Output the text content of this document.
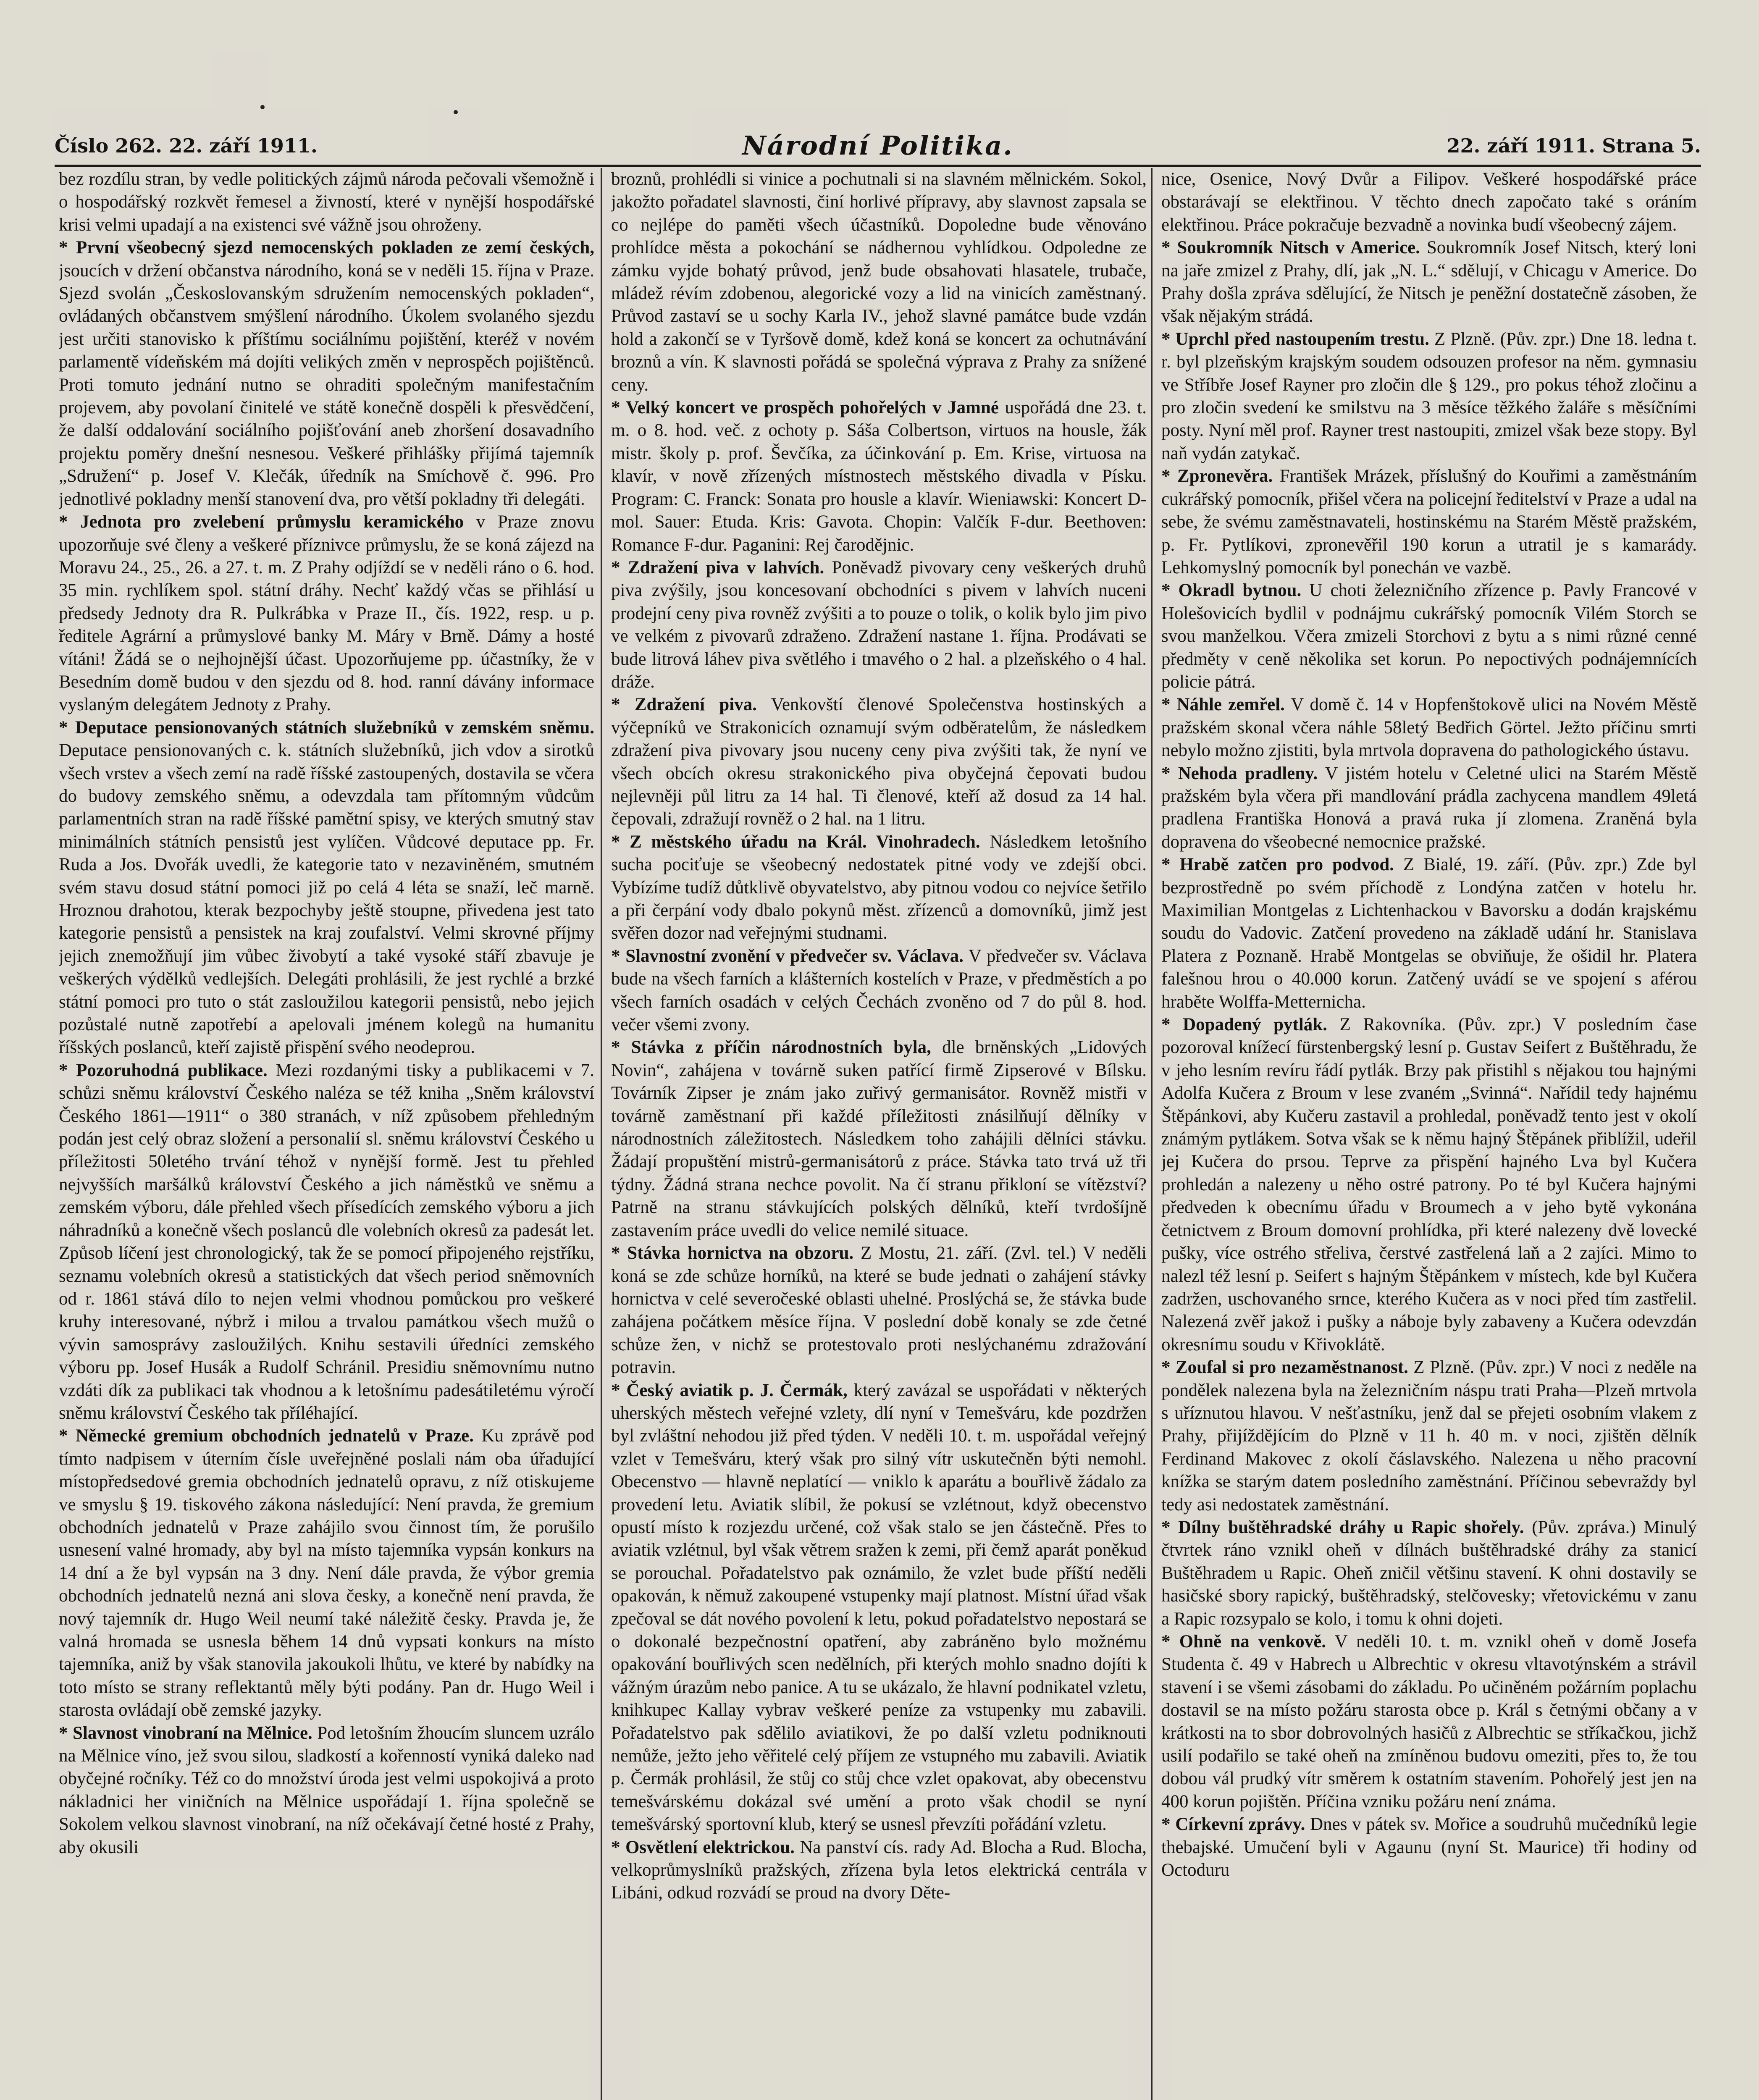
Číslo 262. 22. září 1911.	Národní Politika.	22. září 1911. Strana 5.

bez rozdílu stran, by vedle politických zájmů národa pečovali všemožně i o hospodářský rozkvět řemesel a živností, které v nynější hospodářské krisi velmi upadají a na existenci své vážně jsou ohroženy.

* První všeobecný sjezd nemocenských pokladen ze zemí českých, jsoucích v držení občanstva národního, koná se v neděli 15. října v Praze. Sjezd svolán „Českoslovanským sdružením nemocenských pokladen“, ovládaných občanstvem smýšlení národního. Úkolem svolaného sjezdu jest určiti stanovisko k příštímu sociálnímu pojištění, kteréž v novém parlamentě vídeňském má dojíti velikých změn v neprospěch pojištěnců. Proti tomuto jednání nutno se ohraditi společným manifestačním projevem, aby povolaní činitelé ve státě konečně dospěli k přesvědčení, že další oddalování sociálního pojišťování aneb zhoršení dosavadního projektu poměry dnešní nesnesou. Veškeré přihlášky přijímá tajemník „Sdružení“ p. Josef V. Klečák, úředník na Smíchově č. 996. Pro jednotlivé pokladny menší stanovení dva, pro větší pokladny tři delegáti.

* Jednota pro zvelebení průmyslu keramického v Praze znovu upozorňuje své členy a veškeré příznivce průmyslu, že se koná zájezd na Moravu 24., 25., 26. a 27. t. m. Z Prahy odjíždí se v neděli ráno o 6. hod. 35 min. rychlíkem spol. státní dráhy. Nechť každý včas se přihlásí u předsedy Jednoty dra R. Pulkrábka v Praze II., čís. 1922, resp. u p. ředitele Agrární a průmyslové banky M. Máry v Brně. Dámy a hosté vítáni! Žádá se o nejhojnější účast. Upozorňujeme pp. účastníky, že v Besedním domě budou v den sjezdu od 8. hod. ranní dávány informace vyslaným delegátem Jednoty z Prahy.

* Deputace pensionovaných státních služebníků v zemském sněmu. Deputace pensionovaných c. k. státních služebníků, jich vdov a sirotků všech vrstev a všech zemí na radě říšské zastoupených, dostavila se včera do budovy zemského sněmu, a odevzdala tam přítomným vůdcům parlamentních stran na radě říšské pamětní spisy, ve kterých smutný stav minimálních státních pensistů jest vylíčen. Vůdcové deputace pp. Fr. Ruda a Jos. Dvořák uvedli, že kategorie tato v nezaviněném, smutném svém stavu dosud státní pomoci již po celá 4 léta se snaží, leč marně. Hroznou drahotou, kterak bezpochyby ještě stoupne, přivedena jest tato kategorie pensistů a pensistek na kraj zoufalství. Velmi skrovné příjmy jejich znemožňují jim vůbec živobytí a také vysoké stáří zbavuje je veškerých výdělků vedlejších. Delegáti prohlásili, že jest rychlé a brzké státní pomoci pro tuto o stát zasloužilou kategorii pensistů, nebo jejich pozůstalé nutně zapotřebí a apelovali jménem kolegů na humanitu říšských poslanců, kteří zajistě přispění svého neodeprou.

* Pozoruhodná publikace. Mezi rozdanými tisky a publikacemi v 7. schůzi sněmu království Českého naléza se též kniha „Sněm království Českého 1861—1911“ o 380 stranách, v níž způsobem přehledným podán jest celý obraz složení a personalií sl. sněmu království Českého u příležitosti 50letého trvání téhož v nynější formě. Jest tu přehled nejvyšších maršálků království Českého a jich náměstků ve sněmu a zemském výboru, dále přehled všech přísedících zemského výboru a jich náhradníků a konečně všech poslanců dle volebních okresů za padesát let. Způsob líčení jest chronologický, tak že se pomocí připojeného rejstříku, seznamu volebních okresů a statistických dat všech period sněmovních od r. 1861 stává dílo to nejen velmi vhodnou pomůckou pro veškeré kruhy interesované, nýbrž i milou a trvalou památkou všech mužů o vývin samosprávy zasloužilých. Knihu sestavili úředníci zemského výboru pp. Josef Husák a Rudolf Schránil. Presidiu sněmovnímu nutno vzdáti dík za publikaci tak vhodnou a k letošnímu padesátiletému výročí sněmu království Českého tak příléhající.

* Německé gremium obchodních jednatelů v Praze. Ku zprávě pod tímto nadpisem v úterním čísle uveřejněné poslali nám oba úřadující místopředsedové gremia obchodních jednatelů opravu, z níž otiskujeme ve smyslu § 19. tiskového zákona následující: Není pravda, že gremium obchodních jednatelů v Praze zahájilo svou činnost tím, že porušilo usnesení valné hromady, aby byl na místo tajemníka vypsán konkurs na 14 dní a že byl vypsán na 3 dny. Není dále pravda, že výbor gremia obchodních jednatelů nezná ani slova česky, a konečně není pravda, že nový tajemník dr. Hugo Weil neumí také náležitě česky. Pravda je, že valná hromada se usnesla během 14 dnů vypsati konkurs na místo tajemníka, aniž by však stanovila jakoukoli lhůtu, ve které by nabídky na toto místo se strany reflektantů měly býti podány. Pan dr. Hugo Weil i starosta ovládají obě zemské jazyky.

* Slavnost vinobraní na Mělnice. Pod letošním žhoucím sluncem uzrálo na Mělnice víno, jež svou silou, sladkostí a kořenností vyniká daleko nad obyčejné ročníky. Též co do množství úroda jest velmi uspokojivá a proto nákladnici her viničních na Mělnice uspořádají 1. října společně se Sokolem velkou slavnost vinobraní, na níž očekávají četné hosté z Prahy, aby okusili

broznů, prohlédli si vinice a pochutnali si na slavném mělnickém. Sokol, jakožto pořadatel slavnosti, činí horlivé přípravy, aby slavnost zapsala se co nejlépe do paměti všech účastníků. Dopoledne bude věnováno prohlídce města a pokochání se nádhernou vyhlídkou. Odpoledne ze zámku vyjde bohatý průvod, jenž bude obsahovati hlasatele, trubače, mládež révím zdobenou, alegorické vozy a lid na vinicích zaměstnaný. Průvod zastaví se u sochy Karla IV., jehož slavné památce bude vzdán hold a zakončí se v Tyršově domě, kdež koná se koncert za ochutnávání broznů a vín. K slavnosti pořádá se společná výprava z Prahy za snížené ceny.

* Velký koncert ve prospěch pohořelých v Jamné uspořádá dne 23. t. m. o 8. hod. več. z ochoty p. Sáša Colbertson, virtuos na housle, žák mistr. školy p. prof. Ševčíka, za účinkování p. Em. Krise, virtuosa na klavír, v nově zřízených místnostech městského divadla v Písku. Program: C. Franck: Sonata pro housle a klavír. Wieniawski: Koncert D-mol. Sauer: Etuda. Kris: Gavota. Chopin: Valčík F-dur. Beethoven: Romance F-dur. Paganini: Rej čarodějnic.

* Zdražení piva v lahvích. Poněvadž pivovary ceny veškerých druhů piva zvýšily, jsou koncesovaní obchodníci s pivem v lahvích nuceni prodejní ceny piva rovněž zvýšiti a to pouze o tolik, o kolik bylo jim pivo ve velkém z pivovarů zdraženo. Zdražení nastane 1. října. Prodávati se bude litrová láhev piva světlého i tmavého o 2 hal. a plzeňského o 4 hal. dráže.

* Zdražení piva. Venkovští členové Společenstva hostinských a výčepníků ve Strakonicích oznamují svým odběratelům, že následkem zdražení piva pivovary jsou nuceny ceny piva zvýšiti tak, že nyní ve všech obcích okresu strakonického piva obyčejná čepovati budou nejlevněji půl litru za 14 hal. Ti členové, kteří až dosud za 14 hal. čepovali, zdražují rovněž o 2 hal. na 1 litru.

* Z městského úřadu na Král. Vinohradech. Následkem letošního sucha pociťuje se všeobecný nedostatek pitné vody ve zdejší obci. Vybízíme tudíž důtklivě obyvatelstvo, aby pitnou vodou co nejvíce šetřilo a při čerpání vody dbalo pokynů měst. zřízenců a domovníků, jimž jest svěřen dozor nad veřejnými studnami.

* Slavnostní zvonění v předvečer sv. Václava. V předvečer sv. Václava bude na všech farních a klášterních kostelích v Praze, v předměstích a po všech farních osadách v celých Čechách zvoněno od 7 do půl 8. hod. večer všemi zvony.

* Stávka z příčin národnostních byla, dle brněnských „Lidových Novin“, zahájena v továrně suken patřící firmě Zipserové v Bílsku. Továrník Zipser je znám jako zuřivý germanisátor. Rovněž mistři v továrně zaměstnaní při každé příležitosti znásilňují dělníky v národnostních záležitostech. Následkem toho zahájili dělníci stávku. Žádají propuštění mistrů-germanisátorů z práce. Stávka tato trvá už tři týdny. Žádná strana nechce povolit. Na čí stranu přikloní se vítězství? Patrně na stranu stávkujících polských dělníků, kteří tvrdošíjně zastavením práce uvedli do velice nemilé situace.

* Stávka hornictva na obzoru. Z Mostu, 21. září. (Zvl. tel.) V neděli koná se zde schůze horníků, na které se bude jednati o zahájení stávky hornictva v celé severočeské oblasti uhelné. Proslýchá se, že stávka bude zahájena počátkem měsíce října. V poslední době konaly se zde četné schůze žen, v nichž se protestovalo proti neslýchanému zdražování potravin.

* Český aviatik p. J. Čermák, který zavázal se uspořádati v některých uherských městech veřejné vzlety, dlí nyní v Temešváru, kde pozdržen byl zvláštní nehodou již před týden. V neděli 10. t. m. uspořádal veřejný vzlet v Temešváru, který však pro silný vítr uskutečněn býti nemohl. Obecenstvo — hlavně neplatící — vniklo k aparátu a bouřlivě žádalo za provedení letu. Aviatik slíbil, že pokusí se vzlétnout, když obecenstvo opustí místo k rozjezdu určené, což však stalo se jen částečně. Přes to aviatik vzlétnul, byl však větrem sražen k zemi, při čemž aparát poněkud se porouchal. Pořadatelstvo pak oznámilo, že vzlet bude příští neděli opakován, k němuž zakoupené vstupenky mají platnost. Místní úřad však zpečoval se dát nového povolení k letu, pokud pořadatelstvo nepostará se o dokonalé bezpečnostní opatření, aby zabráněno bylo možnému opakování bouřlivých scen nedělních, při kterých mohlo snadno dojíti k vážným úrazům nebo panice. A tu se ukázalo, že hlavní podnikatel vzletu, knihkupec Kallay vybrav veškeré peníze za vstupenky mu zabavili. Pořadatelstvo pak sdělilo aviatikovi, že po další vzletu podniknouti nemůže, ježto jeho věřitelé celý příjem ze vstupného mu zabavili. Aviatik p. Čermák prohlásil, že stůj co stůj chce vzlet opakovat, aby obecenstvu temešvárskému dokázal své umění a proto však chodil se nyní temešvárský sportovní klub, který se usnesl převzíti pořádání vzletu.

* Osvětlení elektrickou. Na panství cís. rady Ad. Blocha a Rud. Blocha, velkoprůmyslníků pražských, zřízena byla letos elektrická centrála v Libáni, odkud rozvádí se proud na dvory Děte-

nice, Osenice, Nový Dvůr a Filipov. Veškeré hospodářské práce obstarávají se elektřinou. V těchto dnech započato také s oráním elektřinou. Práce pokračuje bezvadně a novinka budí všeobecný zájem.

* Soukromník Nitsch v Americe. Soukromník Josef Nitsch, který loni na jaře zmizel z Prahy, dlí, jak „N. L.“ sdělují, v Chicagu v Americe. Do Prahy došla zpráva sdělující, že Nitsch je peněžní dostatečně zásoben, že však nějakým strádá.

* Uprchl před nastoupením trestu. Z Plzně. (Pův. zpr.) Dne 18. ledna t. r. byl plzeňským krajským soudem odsouzen profesor na něm. gymnasiu ve Stříbře Josef Rayner pro zločin dle § 129., pro pokus téhož zločinu a pro zločin svedení ke smilstvu na 3 měsíce těžkého žaláře s měsíčními posty. Nyní měl prof. Rayner trest nastoupiti, zmizel však beze stopy. Byl naň vydán zatykač.

* Zpronevěra. František Mrázek, příslušný do Kouřimi a zaměstnáním cukrářský pomocník, přišel včera na policejní ředitelství v Praze a udal na sebe, že svému zaměstnavateli, hostinskému na Starém Městě pražském, p. Fr. Pytlíkovi, zpronevěřil 190 korun a utratil je s kamarády. Lehkomyslný pomocník byl ponechán ve vazbě.

* Okradl bytnou. U choti železničního zřízence p. Pavly Francové v Holešovicích bydlil v podnájmu cukrářský pomocník Vilém Storch se svou manželkou. Včera zmizeli Storchovi z bytu a s nimi různé cenné předměty v ceně několika set korun. Po nepoctivých podnájemnících policie pátrá.

* Náhle zemřel. V domě č. 14 v Hopfenštokově ulici na Novém Městě pražském skonal včera náhle 58letý Bedřich Görtel. Ježto příčinu smrti nebylo možno zjistiti, byla mrtvola dopravena do pathologického ústavu.

* Nehoda pradleny. V jistém hotelu v Celetné ulici na Starém Městě pražském byla včera při mandlování prádla zachycena mandlem 49letá pradlena Františka Honová a pravá ruka jí zlomena. Zraněná byla dopravena do všeobecné nemocnice pražské.

* Hrabě zatčen pro podvod. Z Bialé, 19. září. (Pův. zpr.) Zde byl bezprostředně po svém příchodě z Londýna zatčen v hotelu hr. Maximilian Montgelas z Lichtenhackou v Bavorsku a dodán krajskému soudu do Vadovic. Zatčení provedeno na základě udání hr. Stanislava Platera z Poznaně. Hrabě Montgelas se obviňuje, že ošidil hr. Platera falešnou hrou o 40.000 korun. Zatčený uvádí se ve spojení s aférou hraběte Wolffa-Metternicha.

* Dopadený pytlák. Z Rakovníka. (Pův. zpr.) V posledním čase pozoroval knížecí fürstenbergský lesní p. Gustav Seifert z Buštěhradu, že v jeho lesním revíru řádí pytlák. Brzy pak přistihl s nějakou tou hajnými Adolfa Kučera z Broum v lese zvaném „Svinná“. Nařídil tedy hajnému Štěpánkovi, aby Kučeru zastavil a prohledal, poněvadž tento jest v okolí známým pytlákem. Sotva však se k němu hajný Štěpánek přiblížil, udeřil jej Kučera do prsou. Teprve za přispění hajného Lva byl Kučera prohledán a nalezeny u něho ostré patrony. Po té byl Kučera hajnými předveden k obecnímu úřadu v Broumech a v jeho bytě vykonána četnictvem z Broum domovní prohlídka, při které nalezeny dvě lovecké pušky, více ostrého střeliva, čerstvé zastřelená laň a 2 zajíci. Mimo to nalezl též lesní p. Seifert s hajným Štěpánkem v místech, kde byl Kučera zadržen, uschovaného srnce, kterého Kučera as v noci před tím zastřelil. Nalezená zvěř jakož i pušky a náboje byly zabaveny a Kučera odevzdán okresnímu soudu v Křivoklátě.

* Zoufal si pro nezaměstnanost. Z Plzně. (Pův. zpr.) V noci z neděle na pondělek nalezena byla na železničním náspu trati Praha—Plzeň mrtvola s uříznutou hlavou. V nešťastníku, jenž dal se přejeti osobním vlakem z Prahy, přijíždějícím do Plzně v 11 h. 40 m. v noci, zjištěn dělník Ferdinand Makovec z okolí čáslavského. Nalezena u něho pracovní knížka se starým datem posledního zaměstnání. Příčinou sebevraždy byl tedy asi nedostatek zaměstnání.

* Dílny buštěhradské dráhy u Rapic shořely. (Pův. zpráva.) Minulý čtvrtek ráno vznikl oheň v dílnách buštěhradské dráhy za stanicí Buštěhradem u Rapic. Oheň zničil většinu stavení. K ohni dostavily se hasičské sbory rapický, buštěhradský, stelčovesky; vřetovickému v zanu a Rapic rozsypalo se kolo, i tomu k ohni dojeti.

* Ohně na venkově. V neděli 10. t. m. vznikl oheň v domě Josefa Studenta č. 49 v Habrech u Albrechtic v okresu vltavotýnském a strávil stavení i se všemi zásobami do základu. Po učiněném požárním poplachu dostavil se na místo požáru starosta obce p. Král s četnými občany a v krátkosti na to sbor dobrovolných hasičů z Albrechtic se stříkačkou, jichž usilí podařilo se také oheň na zmíněnou budovu omeziti, přes to, že tou dobou vál prudký vítr směrem k ostatním stavením. Pohořelý jest jen na 400 korun pojištěn. Příčina vzniku požáru není známa.

* Církevní zprávy. Dnes v pátek sv. Mořice a soudruhů mučedníků legie thebajské. Umučení byli v Agaunu (nyní St. Maurice) tři hodiny od Octoduru
